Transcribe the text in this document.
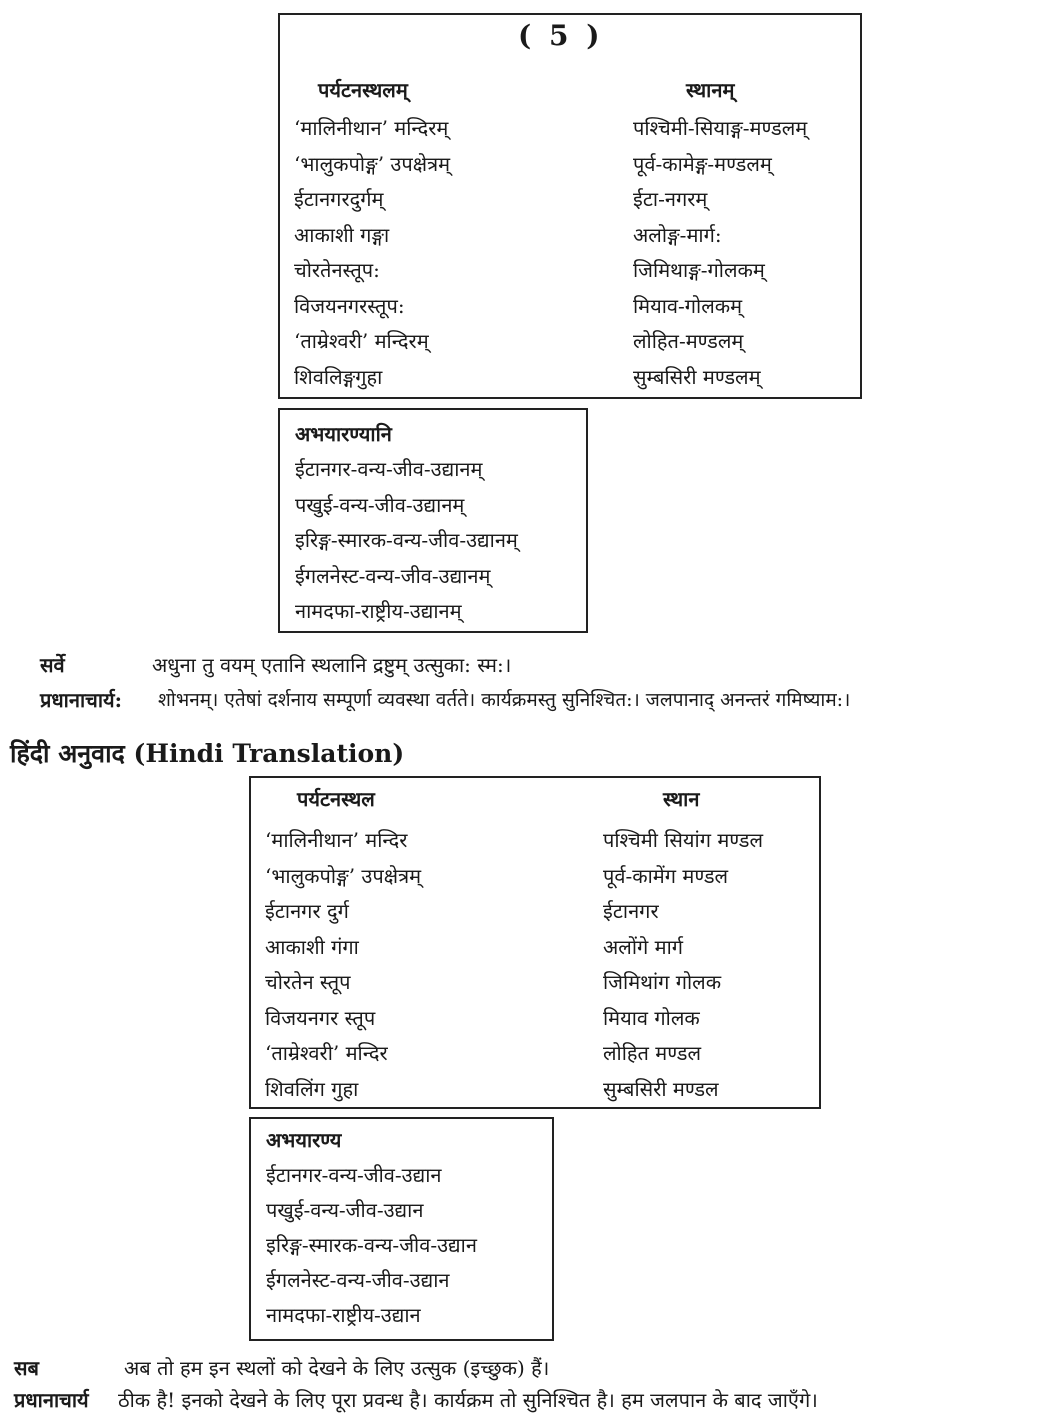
( 5 )
पर्यटनस्थलम्	स्थानम्
‘मालिनीथान’ मन्दिरम्	पश्चिमी-सियाङ्ग-मण्डलम्
‘भालुकपोङ्ग’ उपक्षेत्रम्	पूर्व-कामेङ्ग-मण्डलम्
ईटानगरदुर्गम्	ईटा-नगरम्
आकाशी गङ्गा	अलोङ्ग-मार्ग:
चोरतेनस्तूप:	जिमिथाङ्ग-गोलकम्
विजयनगरस्तूप:	मियाव-गोलकम्
‘ताम्रेश्वरी’ मन्दिरम्	लोहित-मण्डलम्
शिवलिङ्गगुहा	सुम्बसिरी मण्डलम्
अभयारण्यानि
ईटानगर-वन्य-जीव-उद्यानम्
पखुई-वन्य-जीव-उद्यानम्
इरिङ्ग-स्मारक-वन्य-जीव-उद्यानम्
ईगलनेस्ट-वन्य-जीव-उद्यानम्
नामदफा-राष्ट्रीय-उद्यानम्
सर्वे	अधुना तु वयम् एतानि स्थलानि द्रष्टुम् उत्सुका: स्म:।
प्रधानाचार्य: शोभनम्। एतेषां दर्शनाय सम्पूर्णा व्यवस्था वर्तते। कार्यक्रमस्तु सुनिश्चित:। जलपानाद् अनन्तरं गमिष्याम:।
हिंदी अनुवाद (Hindi Translation)
पर्यटनस्थल	स्थान
‘मालिनीथान’ मन्दिर	पश्चिमी सियांग मण्डल
‘भालुकपोङ्ग’ उपक्षेत्रम्	पूर्व-कामेंग मण्डल
ईटानगर दुर्ग	ईटानगर
आकाशी गंगा	अलोंगे मार्ग
चोरतेन स्तूप	जिमिथांग गोलक
विजयनगर स्तूप	मियाव गोलक
‘ताम्रेश्वरी’ मन्दिर	लोहित मण्डल
शिवलिंग गुहा	सुम्बसिरी मण्डल
अभयारण्य
ईटानगर-वन्य-जीव-उद्यान
पखुई-वन्य-जीव-उद्यान
इरिङ्ग-स्मारक-वन्य-जीव-उद्यान
ईगलनेस्ट-वन्य-जीव-उद्यान
नामदफा-राष्ट्रीय-उद्यान
सब	अब तो हम इन स्थलों को देखने के लिए उत्सुक (इच्छुक) हैं।
प्रधानाचार्य ठीक है! इनको देखने के लिए पूरा प्रवन्ध है। कार्यक्रम तो सुनिश्चित है। हम जलपान के बाद जाएँगे।
